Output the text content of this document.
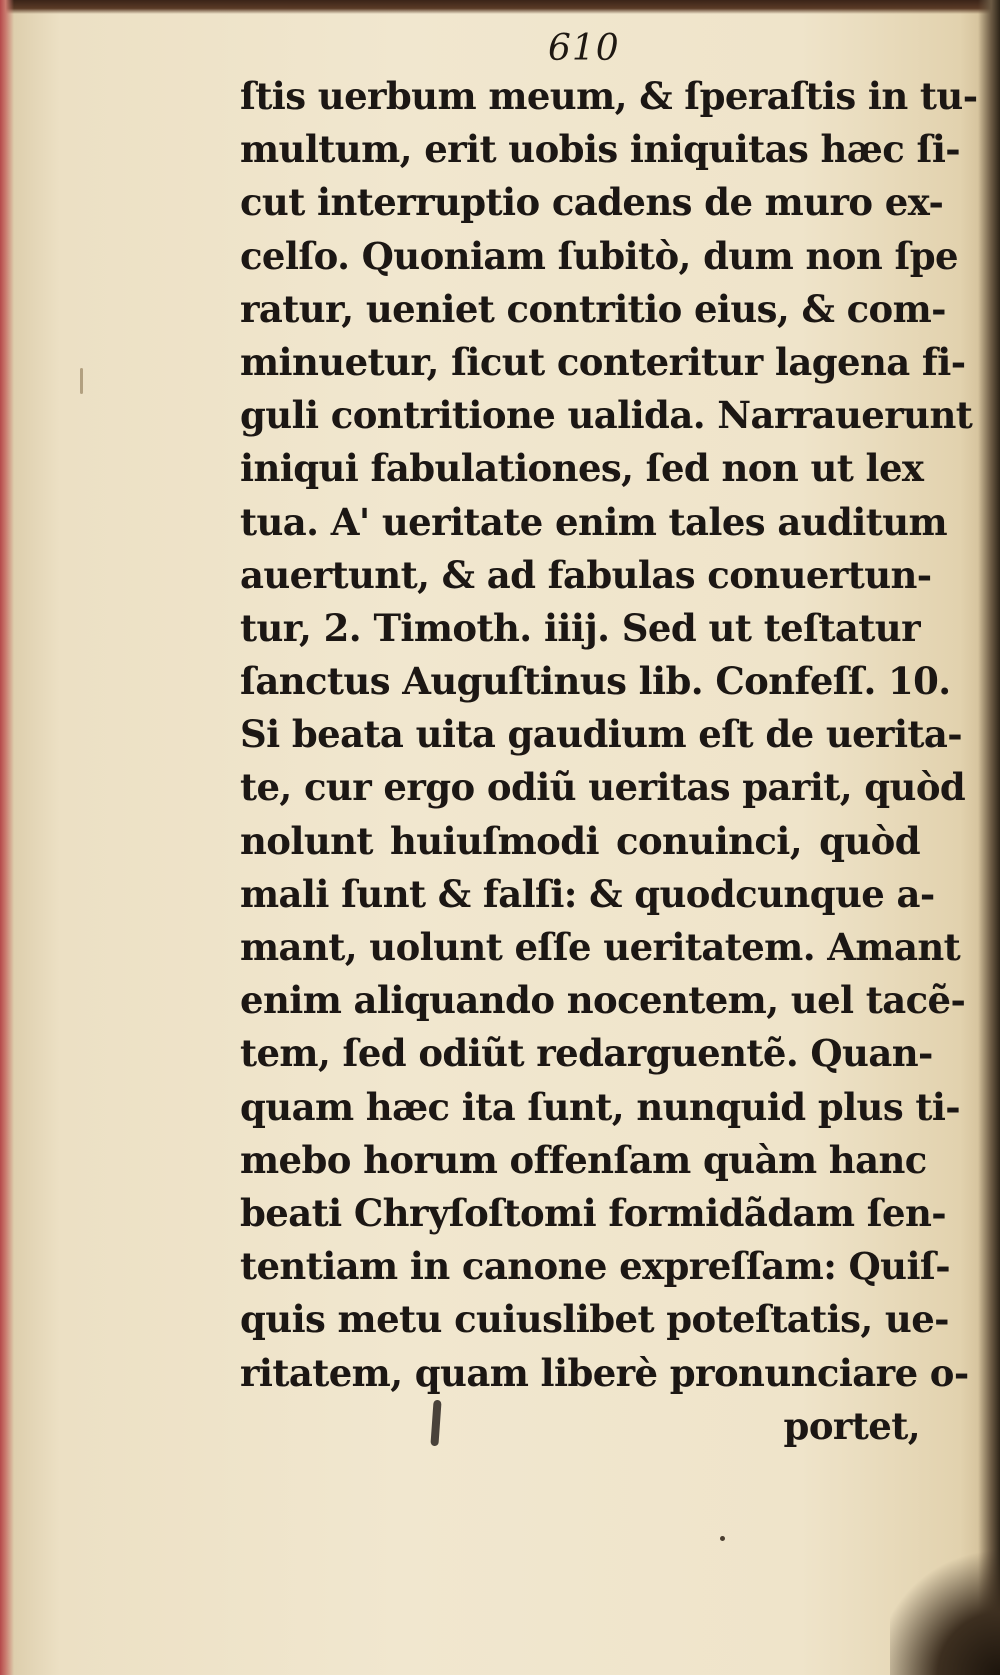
610
ſtis uerbum meum, & ſperaſtis in tu-
multum, erit uobis iniquitas hæc ſi-
cut interruptio cadens de muro ex-
celſo. Quoniam ſubitò, dum non ſpe
ratur, ueniet contritio eius, & com-
minuetur, ſicut conteritur lagena fi-
guli contritione ualida. Narrauerunt
iniqui fabulationes, ſed non ut lex
tua. A' ueritate enim tales auditum
auertunt, & ad fabulas conuertun-
tur, 2. Timoth. iiij. Sed ut teſtatur
ſanctus Auguſtinus lib. Confeſſ. 10.
Si beata uita gaudium eſt de uerita-
te, cur ergo odiũ ueritas parit, quòd
nolunt huiuſmodi conuinci, quòd
mali ſunt & falſi: & quodcunque a-
mant, uolunt eſſe ueritatem. Amant
enim aliquando nocentem, uel tacẽ-
tem, ſed odiũt redarguentẽ. Quan-
quam hæc ita ſunt, nunquid plus ti-
mebo horum offenſam quàm hanc
beati Chryſoſtomi formidãdam ſen-
tentiam in canone expreſſam: Quiſ-
quis metu cuiuslibet poteſtatis, ue-
ritatem, quam liberè pronunciare o-
portet,
